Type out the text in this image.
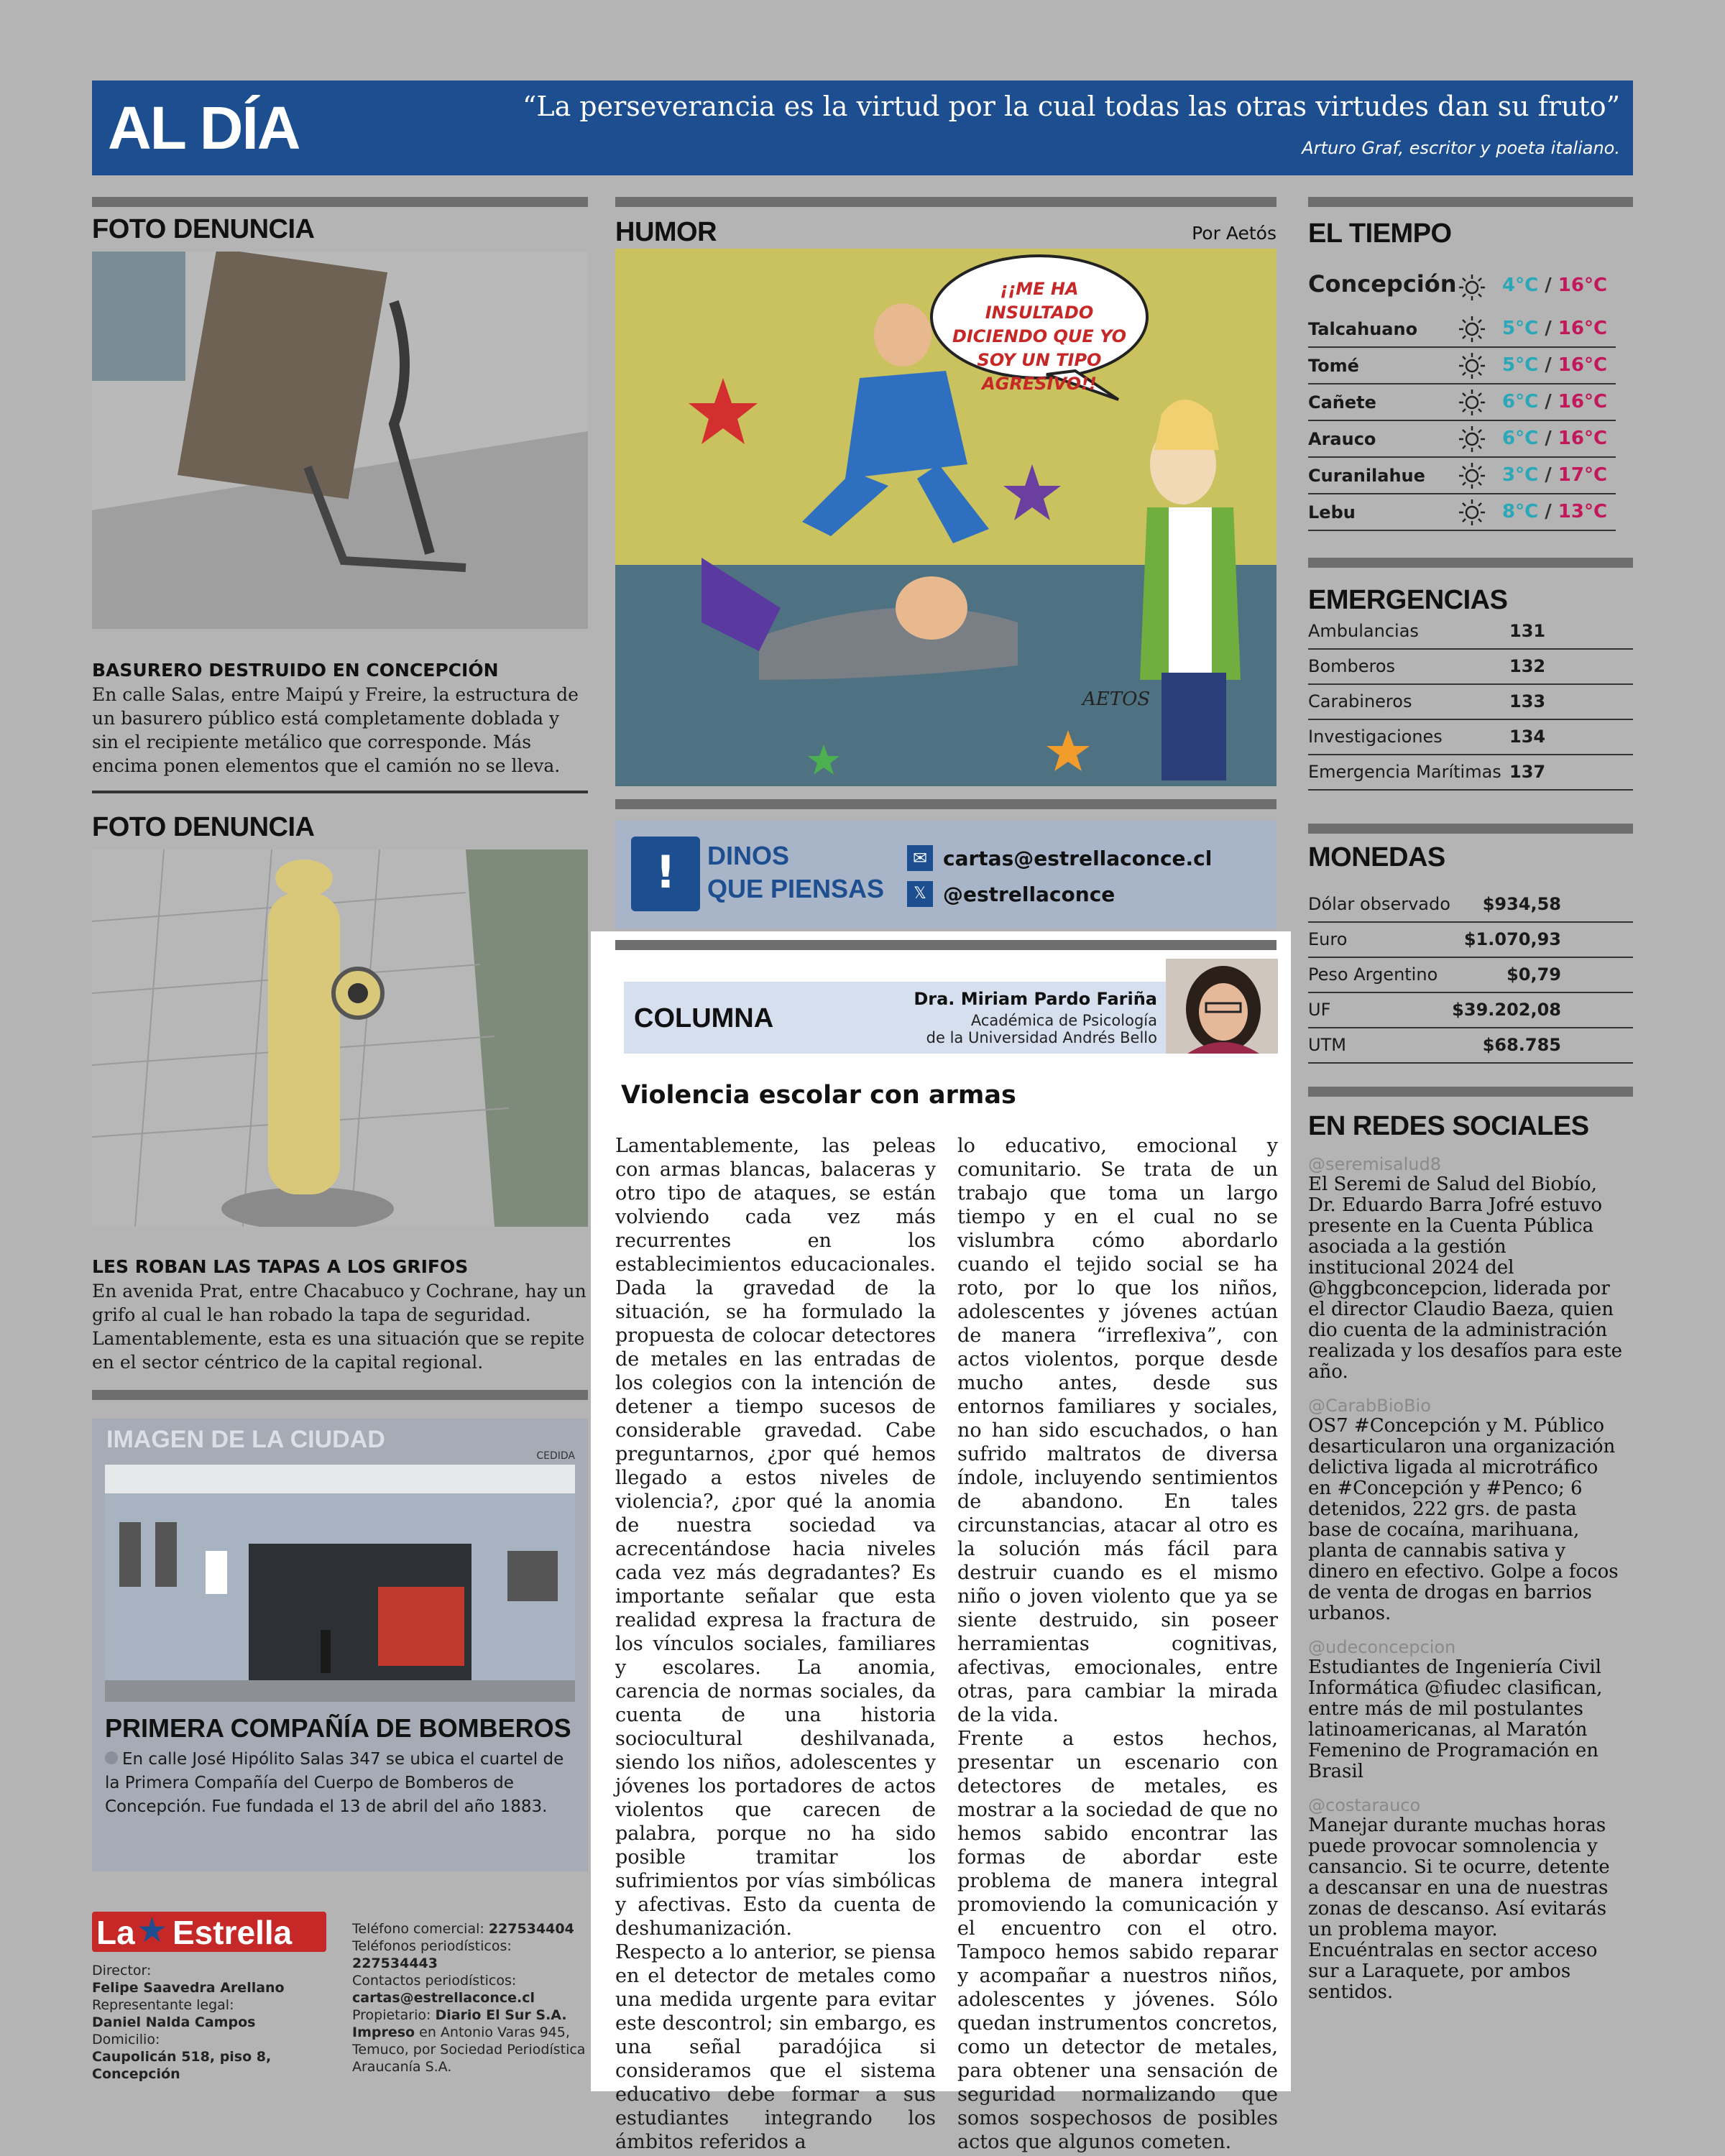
AL DÍA	“La perseverancia es la virtud por la cual todas las otras virtudes dan su fruto”
Arturo Graf, escritor y poeta italiano.
FOTO DENUNCIA
BASURERO DESTRUIDO EN CONCEPCIÓN
En calle Salas, entre Maipú y Freire, la estructura de un basurero público está completamente doblada y sin el recipiente metálico que corresponde. Más encima ponen elementos que el camión no se lleva.
FOTO DENUNCIA
LES ROBAN LAS TAPAS A LOS GRIFOS
En avenida Prat, entre Chacabuco y Cochrane, hay un grifo al cual le han robado la tapa de seguridad. Lamentablemente, esta es una situación que se repite en el sector céntrico de la capital regional.
IMAGEN DE LA CIUDAD
CEDIDA
PRIMERA COMPAÑÍA DE BOMBEROS
En calle José Hipólito Salas 347 se ubica el cuartel de la Primera Compañía del Cuerpo de Bomberos de Concepción. Fue fundada el 13 de abril del año 1883.
La ★ Estrella
Director:
Felipe Saavedra Arellano
Representante legal:
Daniel Nalda Campos
Domicilio:
Caupolicán 518, piso 8, Concepción
Teléfono comercial: 227534404
Teléfonos periodísticos: 227534443
Contactos periodísticos:
cartas@estrellaconce.cl
Propietario: Diario El Sur S.A.
Impreso en Antonio Varas 945, Temuco, por Sociedad Periodística Araucanía S.A.
HUMOR	Por Aetós
¡¡ME HA INSULTADO DICIENDO QUE YO SOY UN TIPO AGRESIVO!!
AETOS
!	DINOS
QUE PIENSAS
✉ cartas@estrellaconce.cl
𝕏 @estrellaconce
COLUMNA
Dra. Miriam Pardo Fariña
Académica de Psicología
de la Universidad Andrés Bello
Violencia escolar con armas
Lamentablemente, las peleas con armas blancas, balaceras y otro tipo de ataques, se están volviendo cada vez más recurrentes en los establecimientos educacionales. Dada la gravedad de la situación, se ha formulado la propuesta de colocar detectores de metales en las entradas de los colegios con la intención de detener a tiempo sucesos de considerable gravedad. Cabe preguntarnos, ¿por qué hemos llegado a estos niveles de violencia?, ¿por qué la anomia de nuestra sociedad va acrecentándose hacia niveles cada vez más degradantes? Es importante señalar que esta realidad expresa la fractura de los vínculos sociales, familiares y escolares. La anomia, carencia de normas sociales, da cuenta de una historia sociocultural deshilvanada, siendo los niños, adolescentes y jóvenes los portadores de actos violentos que carecen de palabra, porque no ha sido posible tramitar los sufrimientos por vías simbólicas y afectivas. Esto da cuenta de deshumanización.
Respecto a lo anterior, se piensa en el detector de metales como una medida urgente para evitar este descontrol; sin embargo, es una señal paradójica si consideramos que el sistema educativo debe formar a sus estudiantes integrando los ámbitos referidos a
lo educativo, emocional y comunitario. Se trata de un trabajo que toma un largo tiempo y en el cual no se vislumbra cómo abordarlo cuando el tejido social se ha roto, por lo que los niños, adolescentes y jóvenes actúan de manera “irreflexiva”, con actos violentos, porque desde mucho antes, desde sus entornos familiares y sociales, no han sido escuchados, o han sufrido maltratos de diversa índole, incluyendo sentimientos de abandono. En tales circunstancias, atacar al otro es la solución más fácil para destruir cuando es el mismo niño o joven violento que ya se siente destruido, sin poseer herramientas cognitivas, afectivas, emocionales, entre otras, para cambiar la mirada de la vida.
Frente a estos hechos, presentar un escenario con detectores de metales, es mostrar a la sociedad de que no hemos sabido encontrar las formas de abordar este problema de manera integral promoviendo la comunicación y el encuentro con el otro. Tampoco hemos sabido reparar y acompañar a nuestros niños, adolescentes y jóvenes. Sólo quedan instrumentos concretos, como un detector de metales, para obtener una sensación de seguridad normalizando que somos sospechosos de posibles actos que algunos cometen.
EL TIEMPO
Concepción 4°C / 16°C
Talcahuano	5°C / 16°C
Tomé	5°C / 16°C
Cañete	6°C / 16°C
Arauco	6°C / 16°C
Curanilahue	3°C / 17°C
Lebu	8°C / 13°C
EMERGENCIAS
Ambulancias	131
Bomberos	132
Carabineros	133
Investigaciones	134
Emergencia Marítimas 137
MONEDAS
Dólar observado $934,58
Euro	$1.070,93
Peso Argentino	$0,79
UF	$39.202,08
UTM	$68.785
EN REDES SOCIALES
@seremisalud8
El Seremi de Salud del Biobío, Dr. Eduardo Barra Jofré estuvo presente en la Cuenta Pública asociada a la gestión institucional 2024 del @hggbconcepcion, liderada por el director Claudio Baeza, quien dio cuenta de la administración realizada y los desafíos para este año.
@CarabBioBio
OS7 #Concepción y M. Público desarticularon una organización delictiva ligada al microtráfico en #Concepción y #Penco; 6 detenidos, 222 grs. de pasta base de cocaína, marihuana, planta de cannabis sativa y dinero en efectivo. Golpe a focos de venta de drogas en barrios urbanos.
@udeconcepcion
Estudiantes de Ingeniería Civil Informática @fiudec clasifican, entre más de mil postulantes latinoamericanas, al Maratón Femenino de Programación en Brasil
@costarauco
Manejar durante muchas horas puede provocar somnolencia y cansancio. Si te ocurre, detente a descansar en una de nuestras zonas de descanso. Así evitarás un problema mayor. Encuéntralas en sector acceso sur a Laraquete, por ambos sentidos.
